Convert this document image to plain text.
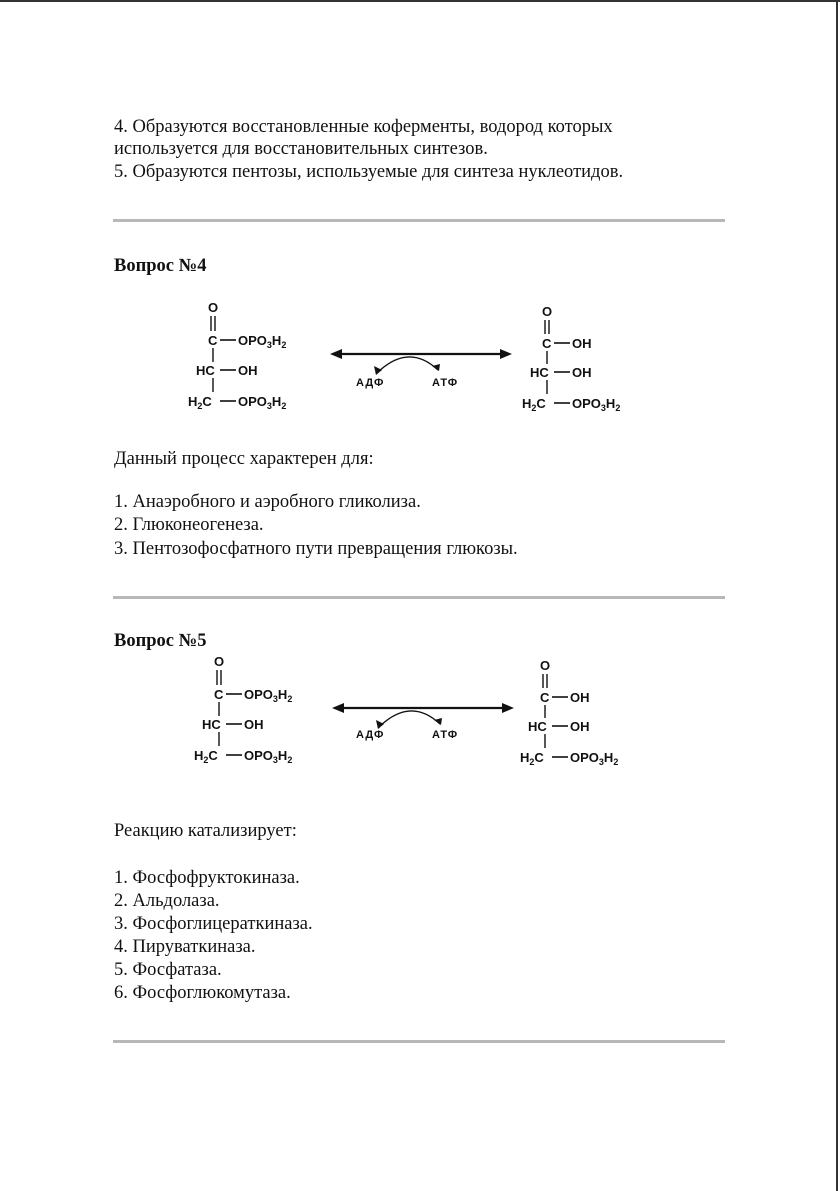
4. Образуются восстановленные коферменты, водород которых
используется для восстановительных синтезов.
5. Образуются пентозы, используемые для синтеза нуклеотидов.
Вопрос №4
O
C $OPO_3H_2$
HC OH
$H_2C$ $OPO_3H_2$
АДФ	АТФ
O
C OH
HC OH
$H_2C$ $OPO_3H_2$
Данный процесс характерен для:
1. Анаэробного и аэробного гликолиза.
2. Глюконеогенеза.
3. Пентозофосфатного пути превращения глюкозы.
Вопрос №5
O
C $OPO_3H_2$
HC OH
$H_2C$ $OPO_3H_2$
АДФ	АТФ
O
C OH
HC OH
$H_2C$ $OPO_3H_2$
Реакцию катализирует:
1. Фосфофруктокиназа.
2. Альдолаза.
3. Фосфоглицераткиназа.
4. Пируваткиназа.
5. Фосфатаза.
6. Фосфоглюкомутаза.
